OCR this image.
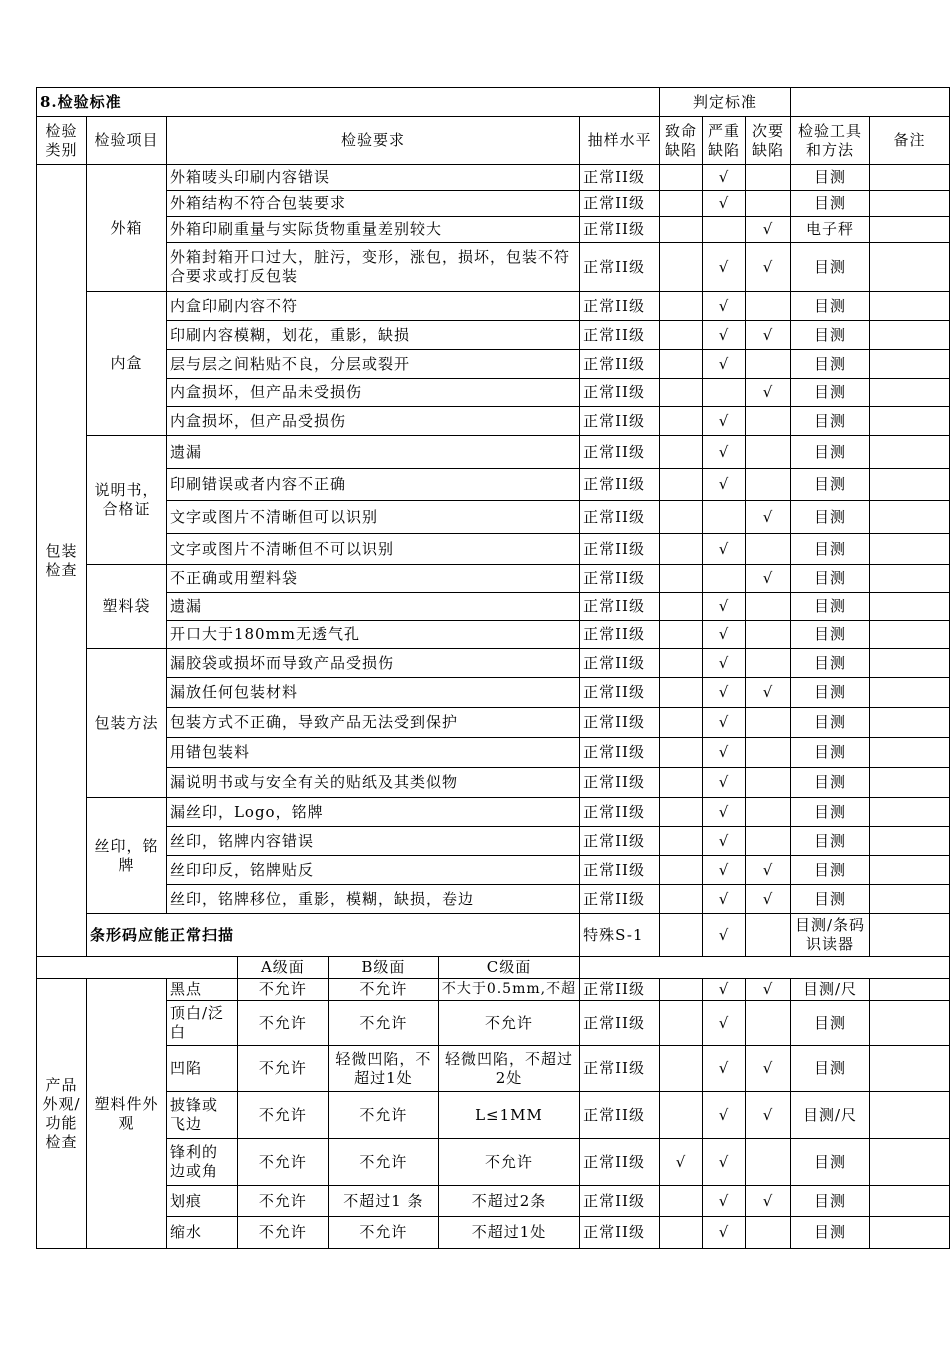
8.检验标准							判定标准				
检验类别	检验项目	检验要求				抽样水平	致命缺陷	严重缺陷	次要缺陷	检验工具和方法	备注
包装检查	外箱	外箱唛头印刷内容错误				正常II级		√		目测	
		外箱结构不符合包装要求				正常II级		√		目测	
		外箱印刷重量与实际货物重量差别较大				正常II级			√	电子秤	
		外箱封箱开口过大，脏污，变形，涨包，损坏，包装不符合要求或打反包装				正常II级		√	√	目测	
	内盒	内盒印刷内容不符				正常II级		√		目测	
		印刷内容模糊，划花，重影，缺损				正常II级		√	√	目测	
		层与层之间粘贴不良，分层或裂开				正常II级		√		目测	
		内盒损坏，但产品未受损伤				正常II级			√	目测	
		内盒损坏，但产品受损伤				正常II级		√		目测	
	说明书，合格证	遗漏				正常II级		√		目测	
		印刷错误或者内容不正确				正常II级		√		目测	
		文字或图片不清晰但可以识别				正常II级			√	目测	
		文字或图片不清晰但不可以识别				正常II级		√		目测	
	塑料袋	不正确或用塑料袋				正常II级			√	目测	
		遗漏				正常II级		√		目测	
		开口大于180mm无透气孔				正常II级		√		目测	
	包装方法	漏胶袋或损坏而导致产品受损伤				正常II级		√		目测	
		漏放任何包装材料				正常II级		√	√	目测	
		包装方式不正确，导致产品无法受到保护				正常II级		√		目测	
		用错包装料				正常II级		√		目测	
		漏说明书或与安全有关的贴纸及其类似物				正常II级		√		目测	
	丝印，铭牌	漏丝印，Logo，铭牌				正常II级		√		目测	
		丝印，铭牌内容错误				正常II级		√		目测	
		丝印印反，铭牌贴反				正常II级		√	√	目测	
		丝印，铭牌移位，重影，模糊，缺损，卷边				正常II级		√	√	目测	
	条形码应能正常扫描					特殊S-1		√		目测/条码识读器	
			A级面	B级面	C级面						
产品外观/功能检查	塑料件外观	黑点	不允许	不允许	不大于0.5mm,不超	正常II级		√	√	目测/尺	
		顶白/泛白	不允许	不允许	不允许	正常II级		√		目测	
		凹陷	不允许	轻微凹陷，不超过1处	轻微凹陷，不超过2处	正常II级		√	√	目测	
		披锋或飞边	不允许	不允许	L≤1MM	正常II级		√	√	目测/尺	
		锋利的边或角	不允许	不允许	不允许	正常II级	√	√		目测	
		划痕	不允许	不超过1 条	不超过2条	正常II级		√	√	目测	
		缩水	不允许	不允许	不超过1处	正常II级		√		目测	
